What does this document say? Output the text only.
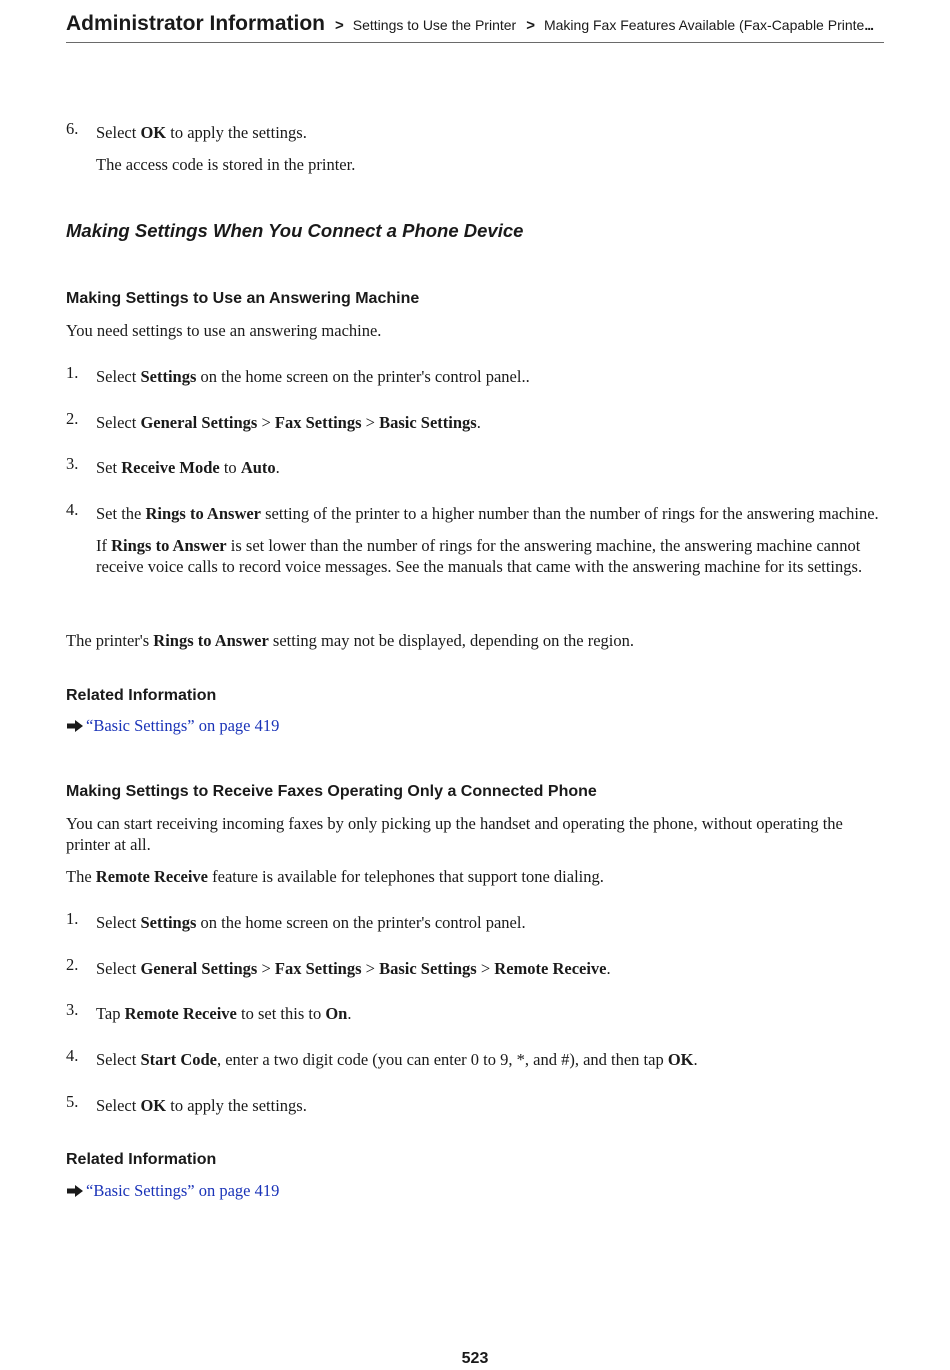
Administrator Information > Settings to Use the Printer > Making Fax Features Available (Fax-Capable Printe ...
6.	Select OK to apply the settings.
The access code is stored in the printer.
Making Settings When You Connect a Phone Device
Making Settings to Use an Answering Machine
You need settings to use an answering machine.
1.	Select Settings on the home screen on the printer's control panel..
2.	Select General Settings > Fax Settings > Basic Settings.
3.	Set Receive Mode to Auto.
4.	Set the Rings to Answer setting of the printer to a higher number than the number of rings for the answering machine.
If Rings to Answer is set lower than the number of rings for the answering machine, the answering machine cannot receive voice calls to record voice messages. See the manuals that came with the answering machine for its settings.
The printer's Rings to Answer setting may not be displayed, depending on the region.
Related Information
“Basic Settings” on page 419
Making Settings to Receive Faxes Operating Only a Connected Phone
You can start receiving incoming faxes by only picking up the handset and operating the phone, without operating the printer at all.
The Remote Receive feature is available for telephones that support tone dialing.
1.	Select Settings on the home screen on the printer's control panel.
2.	Select General Settings > Fax Settings > Basic Settings > Remote Receive.
3.	Tap Remote Receive to set this to On.
4.	Select Start Code, enter a two digit code (you can enter 0 to 9, *, and #), and then tap OK.
5.	Select OK to apply the settings.
Related Information
“Basic Settings” on page 419
523
